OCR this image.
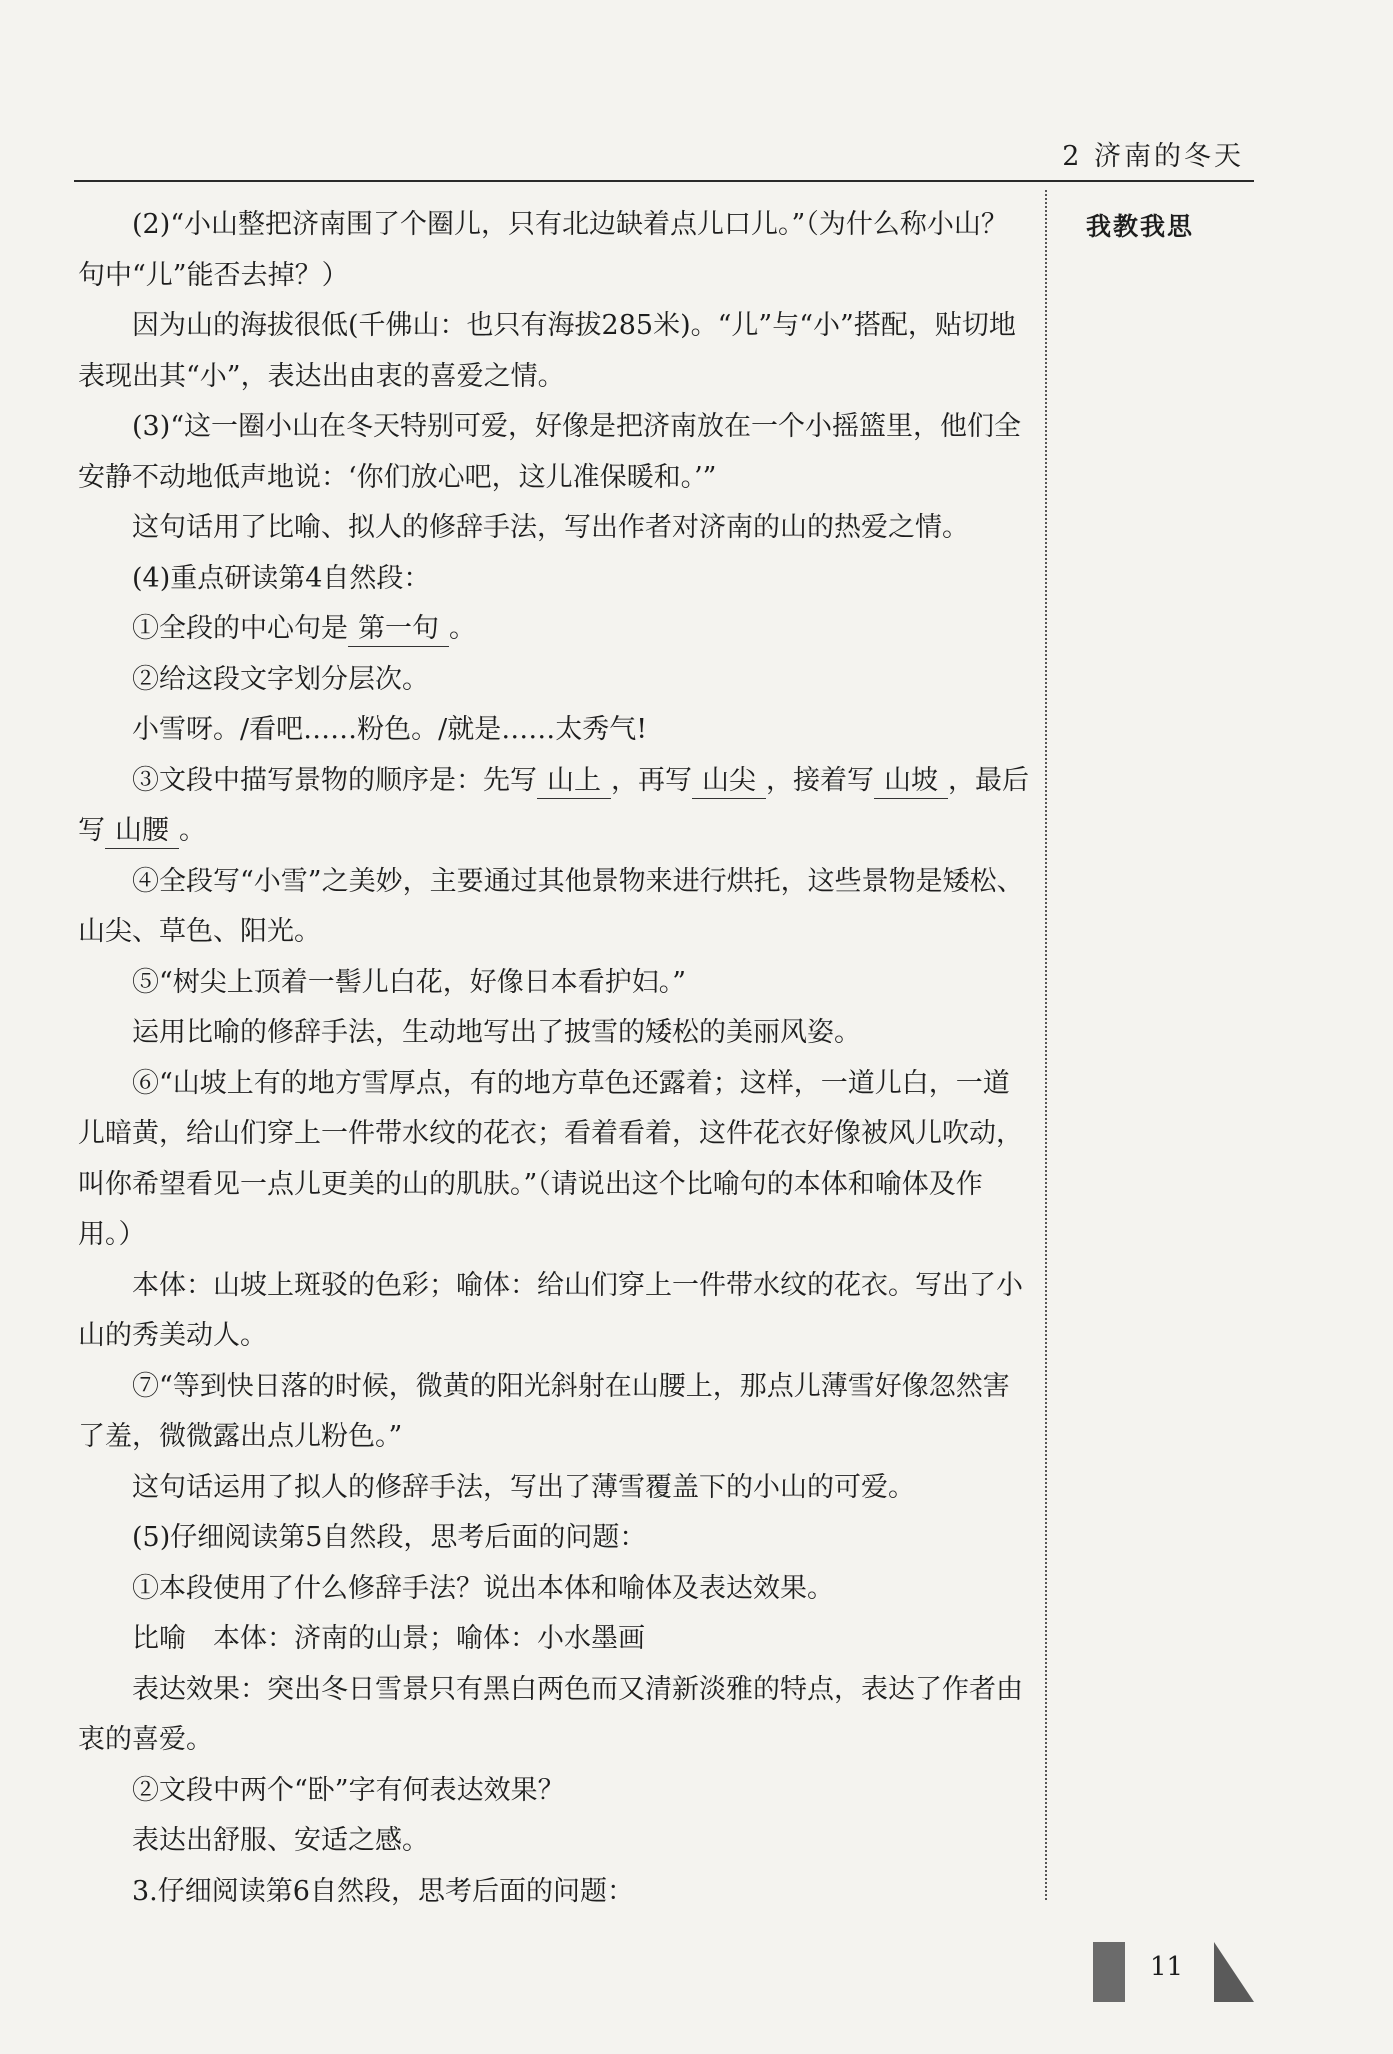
2 济南的冬天
我教我思

(2)“小山整把济南围了个圈儿，只有北边缺着点儿口儿。”（为什么称小山？句中“儿”能否去掉？）

因为山的海拔很低(千佛山：也只有海拔285米)。“儿”与“小”搭配，贴切地表现出其“小”，表达出由衷的喜爱之情。

(3)“这一圈小山在冬天特别可爱，好像是把济南放在一个小摇篮里，他们全安静不动地低声地说：‘你们放心吧，这儿准保暖和。’”

这句话用了比喻、拟人的修辞手法，写出作者对济南的山的热爱之情。

(4)重点研读第4自然段：

①全段的中心句是 第一句 。

②给这段文字划分层次。

小雪呀。/看吧……粉色。/就是……太秀气!

③文段中描写景物的顺序是：先写 山上 ，再写 山尖 ，接着写 山坡 ，最后写 山腰 。

④全段写“小雪”之美妙，主要通过其他景物来进行烘托，这些景物是矮松、山尖、草色、阳光。

⑤“树尖上顶着一髻儿白花，好像日本看护妇。”

运用比喻的修辞手法，生动地写出了披雪的矮松的美丽风姿。

⑥“山坡上有的地方雪厚点，有的地方草色还露着；这样，一道儿白，一道儿暗黄，给山们穿上一件带水纹的花衣；看着看着，这件花衣好像被风儿吹动，叫你希望看见一点儿更美的山的肌肤。”（请说出这个比喻句的本体和喻体及作用。）

本体：山坡上斑驳的色彩；喻体：给山们穿上一件带水纹的花衣。写出了小山的秀美动人。

⑦“等到快日落的时候，微黄的阳光斜射在山腰上，那点儿薄雪好像忽然害了羞，微微露出点儿粉色。”

这句话运用了拟人的修辞手法，写出了薄雪覆盖下的小山的可爱。

(5)仔细阅读第5自然段，思考后面的问题：

①本段使用了什么修辞手法？说出本体和喻体及表达效果。

比喻　本体：济南的山景；喻体：小水墨画

表达效果：突出冬日雪景只有黑白两色而又清新淡雅的特点，表达了作者由衷的喜爱。

②文段中两个“卧”字有何表达效果？

表达出舒服、安适之感。

3.仔细阅读第6自然段，思考后面的问题：

11
